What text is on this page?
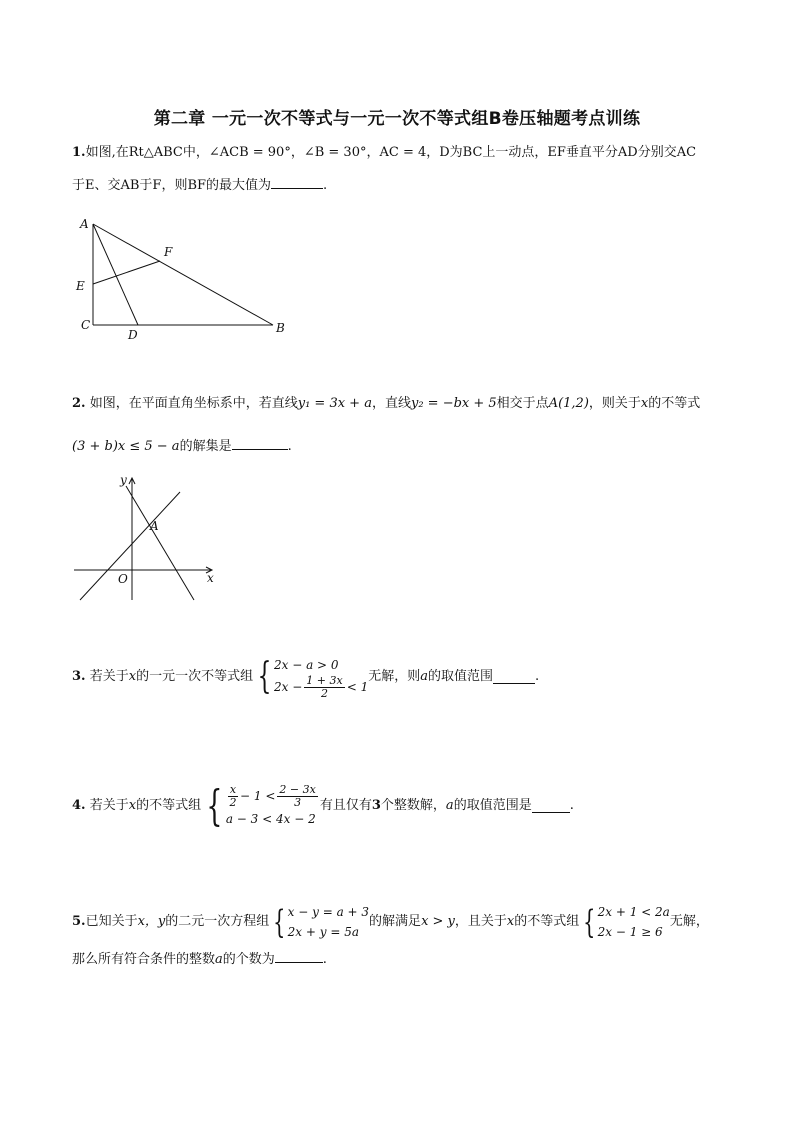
第二章 一元一次不等式与一元一次不等式组B卷压轴题考点训练
1.如图,在Rt△ABC中，∠ACB = 90°，∠B = 30°，AC = 4，D为BC上一动点，EF垂直平分AD分别交AC
于E、交AB于F，则BF的最大值为	.
A
F
E
C
D	B
2. 如图，在平面直角坐标系中，若直线y₁ = 3x + a，直线y₂ = −bx + 5相交于点A(1,2)，则关于x的不等式
(3 + b)x ≤ 5 − a的解集是	.
y
x
O
A
3.
若关于 x 的一元一次不等式组 { 2x − a > 0
$2x - \frac{1 + 3x}{2} < 1$
无解，则 a 的取值范围	.
4.
若关于 x 的不等式组 { $\frac{x}{2} - 1 < \frac{2 - 3x}{3}$
a − 3 < 4x − 2
有且仅有 3 个整数解， a 的取值范围是	.
5. 已知关于 x，y 的二元一次方程组 { x − y = a + 3
2x + y = 5a
的解满足 x > y ，且关于 x 的不等式组 { 2x + 1 < 2a
2x − 1 ≥ 6
无解，
那么所有符合条件的整数a的个数为	.
